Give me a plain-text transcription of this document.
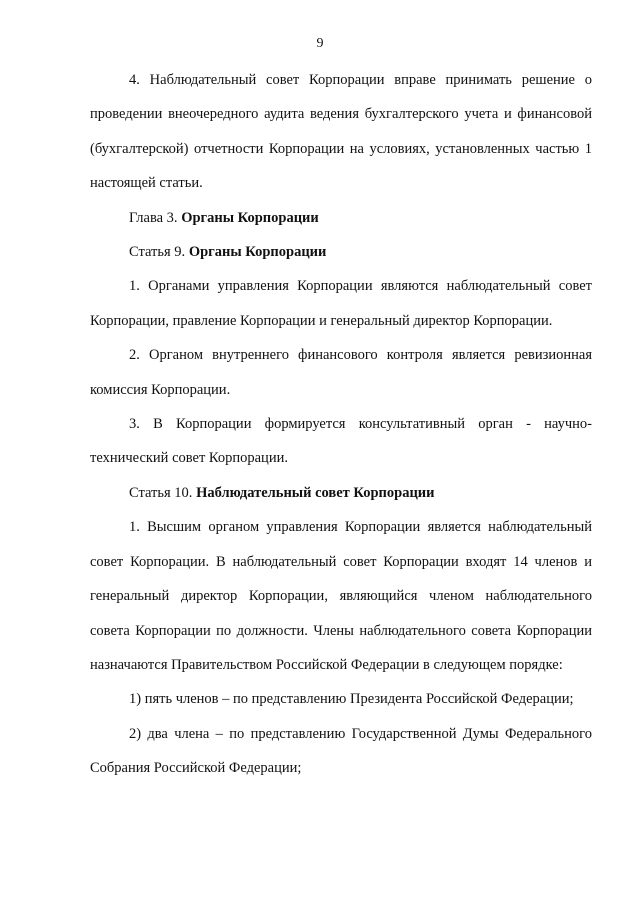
9

4. Наблюдательный совет Корпорации вправе принимать решение о проведении внеочередного аудита ведения бухгалтерского учета и финансовой (бухгалтерской) отчетности Корпорации на условиях, установленных частью 1 настоящей статьи.

Глава 3. Органы Корпорации

Статья 9. Органы Корпорации

1. Органами управления Корпорации являются наблюдательный совет Корпорации, правление Корпорации и генеральный директор Корпорации.

2. Органом внутреннего финансового контроля является ревизионная комиссия Корпорации.

3. В Корпорации формируется консультативный орган - научно-технический совет Корпорации.

Статья 10. Наблюдательный совет Корпорации

1. Высшим органом управления Корпорации является наблюдательный совет Корпорации. В наблюдательный совет Корпорации входят 14 членов и генеральный директор Корпорации, являющийся членом наблюдательного совета Корпорации по должности. Члены наблюдательного совета Корпорации назначаются Правительством Российской Федерации в следующем порядке:

1) пять членов – по представлению Президента Российской Федерации;

2) два члена – по представлению Государственной Думы Федерального Собрания Российской Федерации;
